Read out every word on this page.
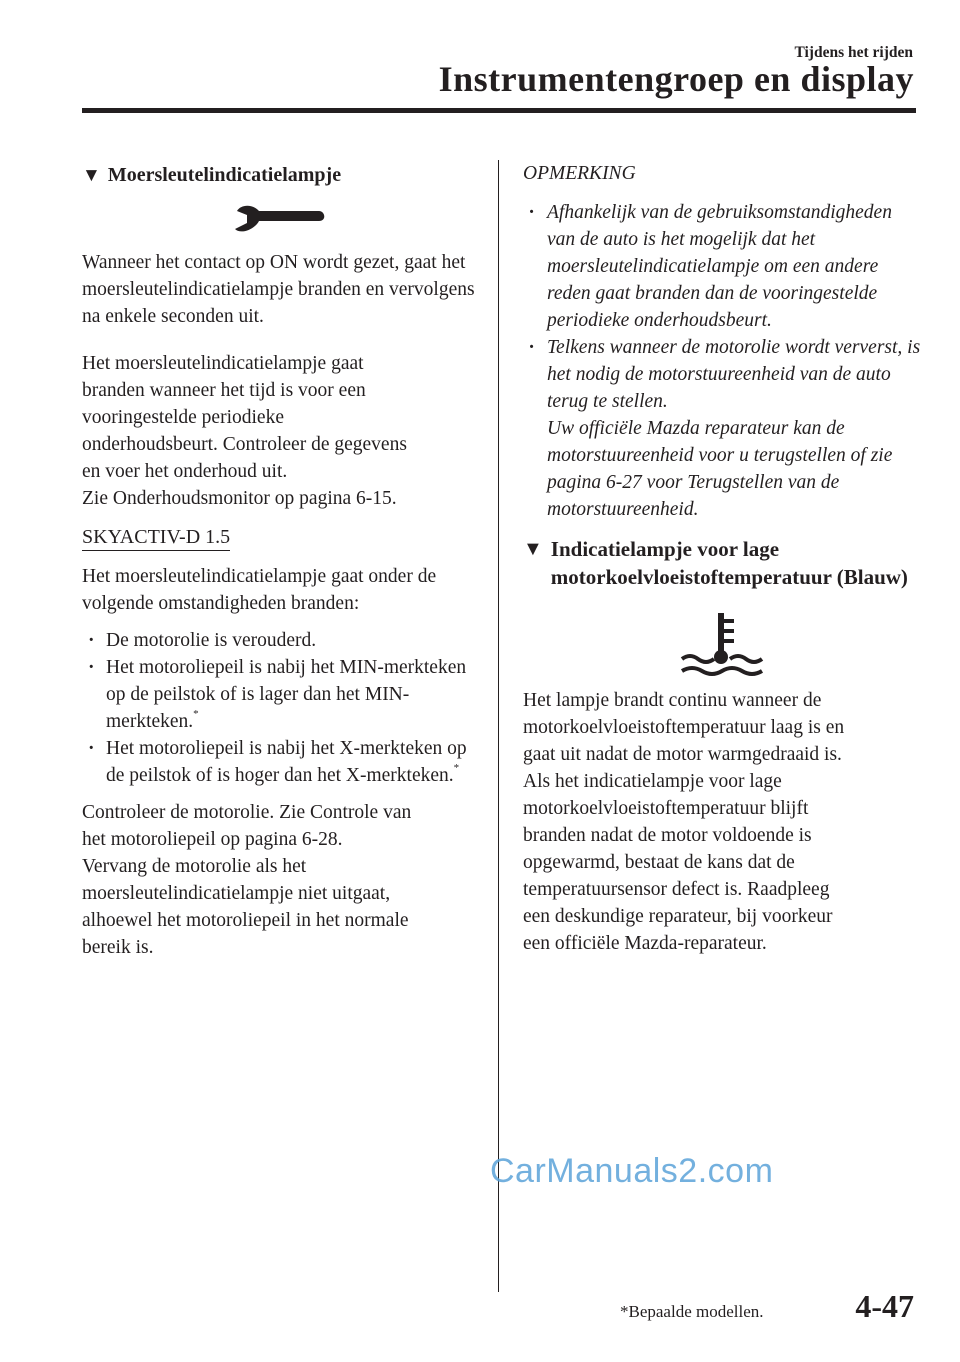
Tijdens het rijden
Instrumentengroep en display
▼ Moersleutelindicatielampje

Wanneer het contact op ON wordt gezet, gaat het moersleutelindicatielampje branden en vervolgens na enkele seconden uit.

Het moersleutelindicatielampje gaat
branden wanneer het tijd is voor een
vooringestelde periodieke
onderhoudsbeurt. Controleer de gegevens
en voer het onderhoud uit.
Zie Onderhoudsmonitor op pagina 6-15.
SKYACTIV-D 1.5

Het moersleutelindicatielampje gaat onder de volgende omstandigheden branden:

· De motorolie is verouderd.
· Het motoroliepeil is nabij het MIN-merkteken op de peilstok of is lager dan het MIN-merkteken.*
· Het motoroliepeil is nabij het X-merkteken op de peilstok of is hoger dan het X-merkteken.*
Controleer de motorolie. Zie Controle van
het motoroliepeil op pagina 6-28.
Vervang de motorolie als het
moersleutelindicatielampje niet uitgaat,
alhoewel het motoroliepeil in het normale
bereik is.
OPMERKING
· Afhankelijk van de gebruiksomstandigheden van de auto is het mogelijk dat het moersleutelindicatielampje om een andere reden gaat branden dan de vooringestelde periodieke onderhoudsbeurt.
· Telkens wanneer de motorolie wordt ververst, is het nodig de motorstuureenheid van de auto terug te stellen.
Uw officiële Mazda reparateur kan de motorstuureenheid voor u terugstellen of zie pagina 6-27 voor Terugstellen van de motorstuureenheid.
▼ Indicatielampje voor lage motorkoelvloeistoftemperatuur (Blauw)
Het lampje brandt continu wanneer de
motorkoelvloeistoftemperatuur laag is en
gaat uit nadat de motor warmgedraaid is.
Als het indicatielampje voor lage
motorkoelvloeistoftemperatuur blijft
branden nadat de motor voldoende is
opgewarmd, bestaat de kans dat de
temperatuursensor defect is. Raadpleeg
een deskundige reparateur, bij voorkeur
een officiële Mazda-reparateur.
CarManuals2.com
*Bepaalde modellen.	4-47
